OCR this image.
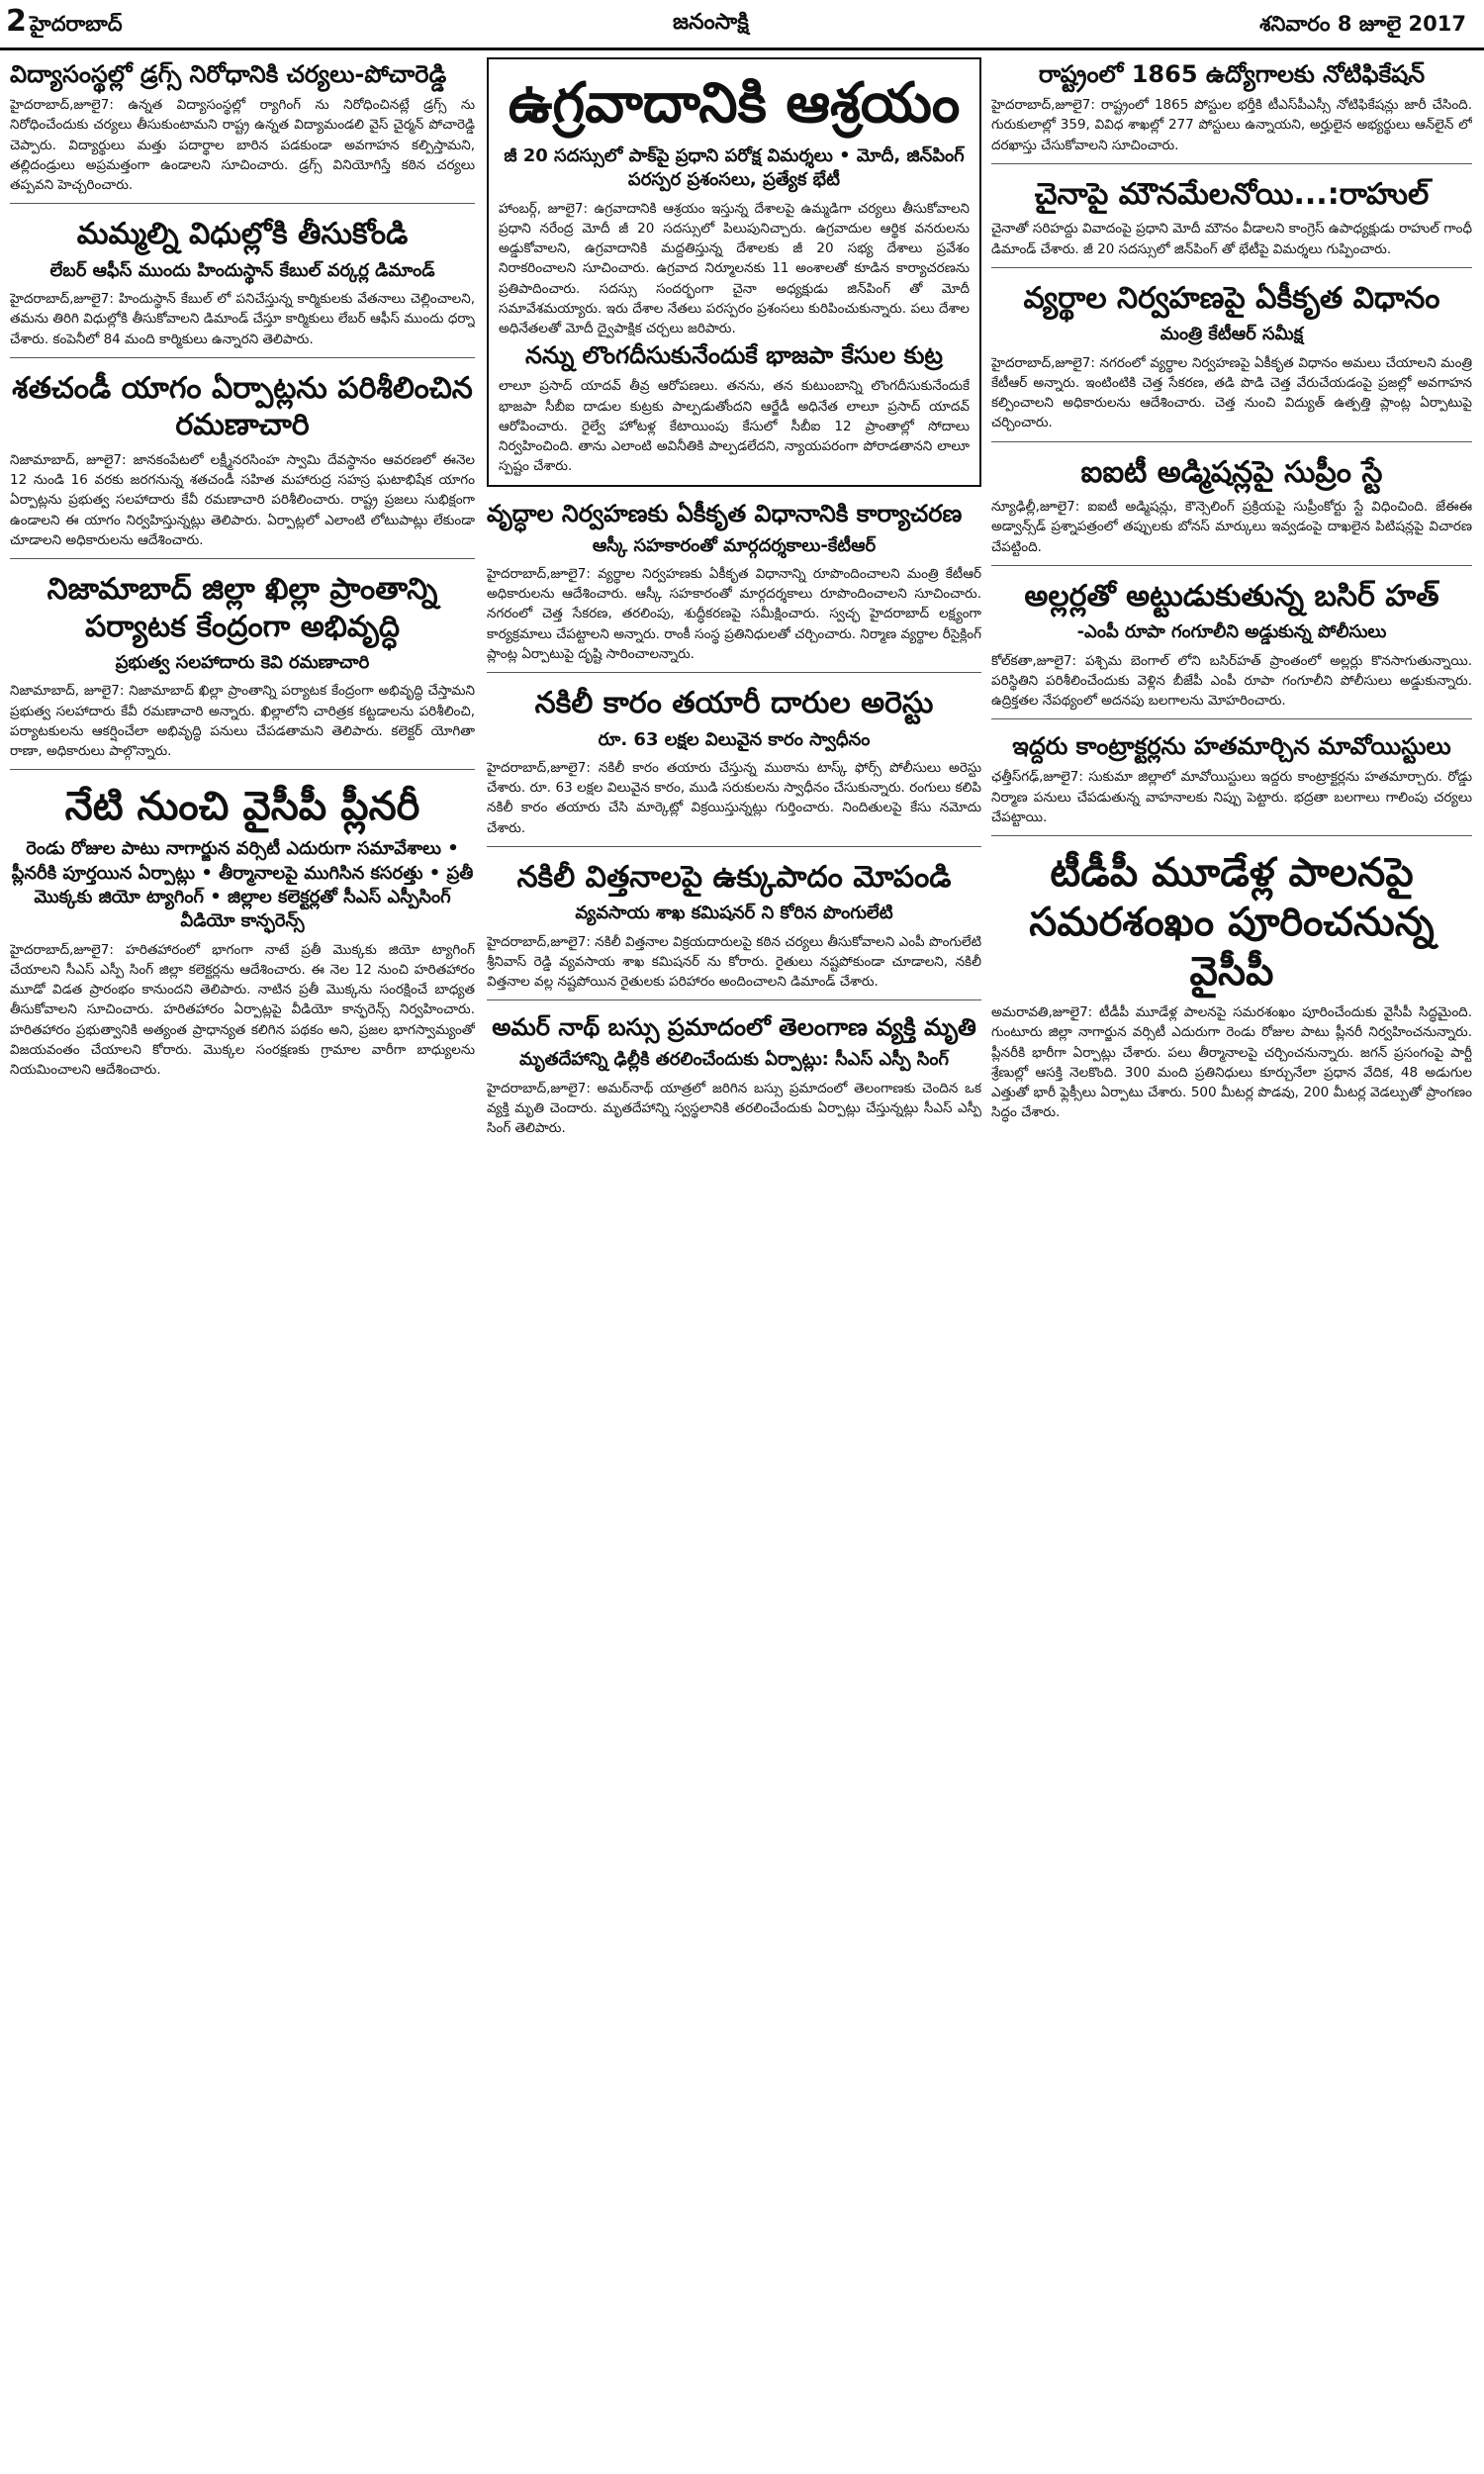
2 హైదరాబాద్	జనంసాక్షి	శనివారం 8 జూలై 2017
విద్యాసంస్థల్లో డ్రగ్స్‌ నిరోధానికి చర్యలు-పోచారెడ్డి

హైదరాబాద్‌,జూలై7: ఉన్నత విద్యాసంస్థల్లో ర్యాగింగ్‌ ను నిరోధించినట్లే డ్రగ్స్‌ ను నిరోధించేందుకు చర్యలు తీసుకుంటామని రాష్ట్ర ఉన్నత విద్యామండలి వైస్‌ చైర్మన్‌ పోచారెడ్డి చెప్పారు. విద్యార్థులు మత్తు పదార్థాల బారిన పడకుండా అవగాహన కల్పిస్తామని, తల్లిదండ్రులు అప్రమత్తంగా ఉండాలని సూచించారు. డ్రగ్స్‌ వినియోగిస్తే కఠిన చర్యలు తప్పవని హెచ్చరించారు.

మమ్మల్ని విధుల్లోకి తీసుకోండి
లేబర్‌ ఆఫీస్‌ ముందు హిందుస్థాన్‌ కేబుల్‌ వర్కర్ల డిమాండ్‌

హైదరాబాద్‌,జూలై7: హిందుస్థాన్‌ కేబుల్‌ లో పనిచేస్తున్న కార్మికులకు వేతనాలు చెల్లించాలని, తమను తిరిగి విధుల్లోకి తీసుకోవాలని డిమాండ్‌ చేస్తూ కార్మికులు లేబర్‌ ఆఫీస్‌ ముందు ధర్నా చేశారు. కంపెనీలో 84 మంది కార్మికులు ఉన్నారని తెలిపారు.

శతచండీ యాగం ఏర్పాట్లను పరిశీలించిన రమణాచారి

నిజామాబాద్‌, జూలై7: జానకంపేటలో లక్ష్మీనరసింహ స్వామి దేవస్థానం ఆవరణలో ఈనెల 12 నుండి 16 వరకు జరగనున్న శతచండీ సహిత మహారుద్ర సహస్ర ఘటాభిషేక యాగం ఏర్పాట్లను ప్రభుత్వ సలహాదారు కేవీ రమణాచారి పరిశీలించారు. రాష్ట్ర ప్రజలు సుభిక్షంగా ఉండాలని ఈ యాగం నిర్వహిస్తున్నట్లు తెలిపారు. ఏర్పాట్లలో ఎలాంటి లోటుపాట్లు లేకుండా చూడాలని అధికారులను ఆదేశించారు.

నిజామాబాద్‌ జిల్లా ఖిల్లా ప్రాంతాన్ని పర్యాటక కేంద్రంగా అభివృద్ధి
ప్రభుత్వ సలహాదారు కెవి రమణాచారి

నిజామాబాద్‌, జూలై7: నిజామాబాద్‌ ఖిల్లా ప్రాంతాన్ని పర్యాటక కేంద్రంగా అభివృద్ధి చేస్తామని ప్రభుత్వ సలహాదారు కేవీ రమణాచారి అన్నారు. ఖిల్లాలోని చారిత్రక కట్టడాలను పరిశీలించి, పర్యాటకులను ఆకర్షించేలా అభివృద్ధి పనులు చేపడతామని తెలిపారు. కలెక్టర్‌ యోగితా రాణా, అధికారులు పాల్గొన్నారు.

నేటి నుంచి వైసీపీ ప్లీనరీ
రెండు రోజుల పాటు నాగార్జున వర్సిటీ ఎదురుగా సమావేశాలు • ప్లీనరీకి పూర్తయిన ఏర్పాట్లు • తీర్మానాలపై ముగిసిన కసరత్తు • ప్రతీ మొక్కకు జియో ట్యాగింగ్‌ • జిల్లాల కలెక్టర్లతో సీఎస్‌ ఎస్పీసింగ్‌ వీడియో కాన్ఫరెన్స్‌

హైదరాబాద్‌,జూలై7: హరితహారంలో భాగంగా నాటే ప్రతీ మొక్కకు జియో ట్యాగింగ్‌ చేయాలని సీఎస్‌ ఎస్పీ సింగ్‌ జిల్లా కలెక్టర్లను ఆదేశించారు. ఈ నెల 12 నుంచి హరితహారం మూడో విడత ప్రారంభం కానుందని తెలిపారు. నాటిన ప్రతీ మొక్కను సంరక్షించే బాధ్యత తీసుకోవాలని సూచించారు. హరితహారం ఏర్పాట్లపై వీడియో కాన్ఫరెన్స్‌ నిర్వహించారు. హరితహారం ప్రభుత్వానికి అత్యంత ప్రాధాన్యత కలిగిన పథకం అని, ప్రజల భాగస్వామ్యంతో విజయవంతం చేయాలని కోరారు. మొక్కల సంరక్షణకు గ్రామాల వారీగా బాధ్యులను నియమించాలని ఆదేశించారు.

ఉగ్రవాదానికి ఆశ్రయం
జీ 20 సదస్సులో పాక్‌పై ప్రధాని పరోక్ష విమర్శలు • మోదీ, జిన్‌పింగ్‌ పరస్పర ప్రశంసలు, ప్రత్యేక భేటీ

హాంబర్గ్‌, జూలై7: ఉగ్రవాదానికి ఆశ్రయం ఇస్తున్న దేశాలపై ఉమ్మడిగా చర్యలు తీసుకోవాలని ప్రధాని నరేంద్ర మోదీ జీ 20 సదస్సులో పిలుపునిచ్చారు. ఉగ్రవాదుల ఆర్థిక వనరులను అడ్డుకోవాలని, ఉగ్రవాదానికి మద్దతిస్తున్న దేశాలకు జీ 20 సభ్య దేశాలు ప్రవేశం నిరాకరించాలని సూచించారు. ఉగ్రవాద నిర్మూలనకు 11 అంశాలతో కూడిన కార్యాచరణను ప్రతిపాదించారు. సదస్సు సందర్భంగా చైనా అధ్యక్షుడు జిన్‌పింగ్‌ తో మోదీ సమావేశమయ్యారు. ఇరు దేశాల నేతలు పరస్పరం ప్రశంసలు కురిపించుకున్నారు. పలు దేశాల అధినేతలతో మోదీ ద్వైపాక్షిక చర్చలు జరిపారు.

నన్ను లొంగదీసుకునేందుకే భాజపా కేసుల కుట్ర

లాలూ ప్రసాద్‌ యాదవ్‌ తీవ్ర ఆరోపణలు. తనను, తన కుటుంబాన్ని లొంగదీసుకునేందుకే భాజపా సీబీఐ దాడుల కుట్రకు పాల్పడుతోందని ఆర్జేడీ అధినేత లాలూ ప్రసాద్‌ యాదవ్‌ ఆరోపించారు. రైల్వే హోటళ్ల కేటాయింపు కేసులో సీబీఐ 12 ప్రాంతాల్లో సోదాలు నిర్వహించింది. తాను ఎలాంటి అవినీతికి పాల్పడలేదని, న్యాయపరంగా పోరాడతానని లాలూ స్పష్టం చేశారు.

వృద్ధాల నిర్వహణకు ఏకీకృత విధానానికి కార్యాచరణ
ఆస్కీ సహకారంతో మార్గదర్శకాలు-కేటీఆర్‌

హైదరాబాద్‌,జూలై7: వ్యర్థాల నిర్వహణకు ఏకీకృత విధానాన్ని రూపొందించాలని మంత్రి కేటీఆర్‌ అధికారులను ఆదేశించారు. ఆస్కీ సహకారంతో మార్గదర్శకాలు రూపొందించాలని సూచించారు. నగరంలో చెత్త సేకరణ, తరలింపు, శుద్ధీకరణపై సమీక్షించారు. స్వచ్ఛ హైదరాబాద్‌ లక్ష్యంగా కార్యక్రమాలు చేపట్టాలని అన్నారు. రాంకీ సంస్థ ప్రతినిధులతో చర్చించారు. నిర్మాణ వ్యర్థాల రీసైక్లింగ్‌ ప్లాంట్ల ఏర్పాటుపై దృష్టి సారించాలన్నారు.

నకిలీ కారం తయారీ దారుల అరెస్టు
రూ. 63 లక్షల విలువైన కారం స్వాధీనం

హైదరాబాద్‌,జూలై7: నకిలీ కారం తయారు చేస్తున్న ముఠాను టాస్క్‌ ఫోర్స్‌ పోలీసులు అరెస్టు చేశారు. రూ. 63 లక్షల విలువైన కారం, ముడి సరుకులను స్వాధీనం చేసుకున్నారు. రంగులు కలిపి నకిలీ కారం తయారు చేసి మార్కెట్లో విక్రయిస్తున్నట్లు గుర్తించారు. నిందితులపై కేసు నమోదు చేశారు.

నకిలీ విత్తనాలపై ఉక్కుపాదం మోపండి
వ్యవసాయ శాఖ కమిషనర్‌ ని కోరిన పొంగులేటి

హైదరాబాద్‌,జూలై7: నకిలీ విత్తనాల విక్రయదారులపై కఠిన చర్యలు తీసుకోవాలని ఎంపీ పొంగులేటి శ్రీనివాస్‌ రెడ్డి వ్యవసాయ శాఖ కమిషనర్‌ ను కోరారు. రైతులు నష్టపోకుండా చూడాలని, నకిలీ విత్తనాల వల్ల నష్టపోయిన రైతులకు పరిహారం అందించాలని డిమాండ్‌ చేశారు.

అమర్‌ నాథ్‌ బస్సు ప్రమాదంలో తెలంగాణ వ్యక్తి మృతి
మృతదేహాన్ని ఢిల్లీకి తరలించేందుకు ఏర్పాట్లు: సీఎస్‌ ఎస్పీ సింగ్‌

హైదరాబాద్‌,జూలై7: అమర్‌నాథ్‌ యాత్రలో జరిగిన బస్సు ప్రమాదంలో తెలంగాణకు చెందిన ఒక వ్యక్తి మృతి చెందారు. మృతదేహాన్ని స్వస్థలానికి తరలించేందుకు ఏర్పాట్లు చేస్తున్నట్లు సీఎస్‌ ఎస్పీ సింగ్‌ తెలిపారు.

రాష్ట్రంలో 1865 ఉద్యోగాలకు నోటిఫికేషన్‌

హైదరాబాద్‌,జూలై7: రాష్ట్రంలో 1865 పోస్టుల భర్తీకి టీఎస్‌పీఎస్సీ నోటిఫికేషన్లు జారీ చేసింది. గురుకులాల్లో 359, వివిధ శాఖల్లో 277 పోస్టులు ఉన్నాయని, అర్హులైన అభ్యర్థులు ఆన్‌లైన్‌ లో దరఖాస్తు చేసుకోవాలని సూచించారు.

చైనాపై మౌనమేలనోయి...:రాహుల్‌

చైనాతో సరిహద్దు వివాదంపై ప్రధాని మోదీ మౌనం వీడాలని కాంగ్రెస్‌ ఉపాధ్యక్షుడు రాహుల్‌ గాంధీ డిమాండ్‌ చేశారు. జీ 20 సదస్సులో జిన్‌పింగ్‌ తో భేటీపై విమర్శలు గుప్పించారు.

వ్యర్థాల నిర్వహణపై ఏకీకృత విధానం
మంత్రి కేటీఆర్‌ సమీక్ష

హైదరాబాద్‌,జూలై7: నగరంలో వ్యర్థాల నిర్వహణపై ఏకీకృత విధానం అమలు చేయాలని మంత్రి కేటీఆర్‌ అన్నారు. ఇంటింటికి చెత్త సేకరణ, తడి పొడి చెత్త వేరుచేయడంపై ప్రజల్లో అవగాహన కల్పించాలని అధికారులను ఆదేశించారు. చెత్త నుంచి విద్యుత్‌ ఉత్పత్తి ప్లాంట్ల ఏర్పాటుపై చర్చించారు.

ఐఐటీ అడ్మిషన్లపై సుప్రీం స్టే

న్యూఢిల్లీ,జూలై7: ఐఐటీ అడ్మిషన్లు, కౌన్సెలింగ్‌ ప్రక్రియపై సుప్రీంకోర్టు స్టే విధించింది. జేఈఈ అడ్వాన్స్‌డ్‌ ప్రశ్నాపత్రంలో తప్పులకు బోనస్‌ మార్కులు ఇవ్వడంపై దాఖలైన పిటిషన్లపై విచారణ చేపట్టింది.

అల్లర్లతో అట్టుడుకుతున్న బసిర్‌ హత్‌
-ఎంపీ రూపా గంగూలీని అడ్డుకున్న పోలీసులు

కోల్‌కతా,జూలై7: పశ్చిమ బెంగాల్‌ లోని బసిర్‌హత్‌ ప్రాంతంలో అల్లర్లు కొనసాగుతున్నాయి. పరిస్థితిని పరిశీలించేందుకు వెళ్లిన బీజేపీ ఎంపీ రూపా గంగూలీని పోలీసులు అడ్డుకున్నారు. ఉద్రిక్తతల నేపథ్యంలో అదనపు బలగాలను మోహరించారు.

ఇద్దరు కాంట్రాక్టర్లను హతమార్చిన మావోయిస్టులు

ఛత్తీస్‌గఢ్‌,జూలై7: సుకుమా జిల్లాలో మావోయిస్టులు ఇద్దరు కాంట్రాక్టర్లను హతమార్చారు. రోడ్డు నిర్మాణ పనులు చేపడుతున్న వాహనాలకు నిప్పు పెట్టారు. భద్రతా బలగాలు గాలింపు చర్యలు చేపట్టాయి.

టీడీపీ మూడేళ్ల పాలనపై సమరశంఖం పూరించనున్న వైసీపీ

అమరావతి,జూలై7: టీడీపీ మూడేళ్ల పాలనపై సమరశంఖం పూరించేందుకు వైసీపీ సిద్ధమైంది. గుంటూరు జిల్లా నాగార్జున వర్సిటీ ఎదురుగా రెండు రోజుల పాటు ప్లీనరీ నిర్వహించనున్నారు. ప్లీనరీకి భారీగా ఏర్పాట్లు చేశారు. పలు తీర్మానాలపై చర్చించనున్నారు. జగన్‌ ప్రసంగంపై పార్టీ శ్రేణుల్లో ఆసక్తి నెలకొంది. 300 మంది ప్రతినిధులు కూర్చునేలా ప్రధాన వేదిక, 48 అడుగుల ఎత్తుతో భారీ ఫ్లెక్సీలు ఏర్పాటు చేశారు. 500 మీటర్ల పొడవు, 200 మీటర్ల వెడల్పుతో ప్రాంగణం సిద్ధం చేశారు.
